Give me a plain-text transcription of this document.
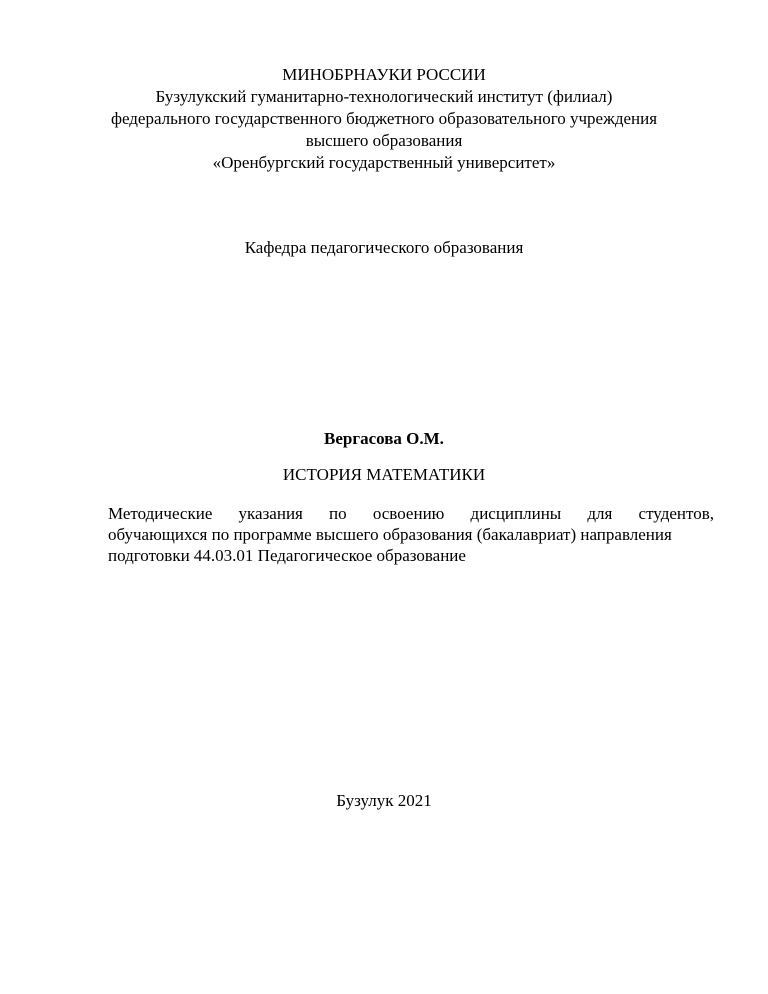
МИНОБРНАУКИ РОССИИ
Бузулукский гуманитарно-технологический институт (филиал)
федерального государственного бюджетного образовательного учреждения
высшего образования
«Оренбургский государственный университет»
Кафедра педагогического образования
Вергасова О.М.
ИСТОРИЯ МАТЕМАТИКИ
Методические указания по освоению дисциплины для студентов,
обучающихся по программе высшего образования (бакалавриат) направления
подготовки 44.03.01 Педагогическое образование
Бузулук 2021
